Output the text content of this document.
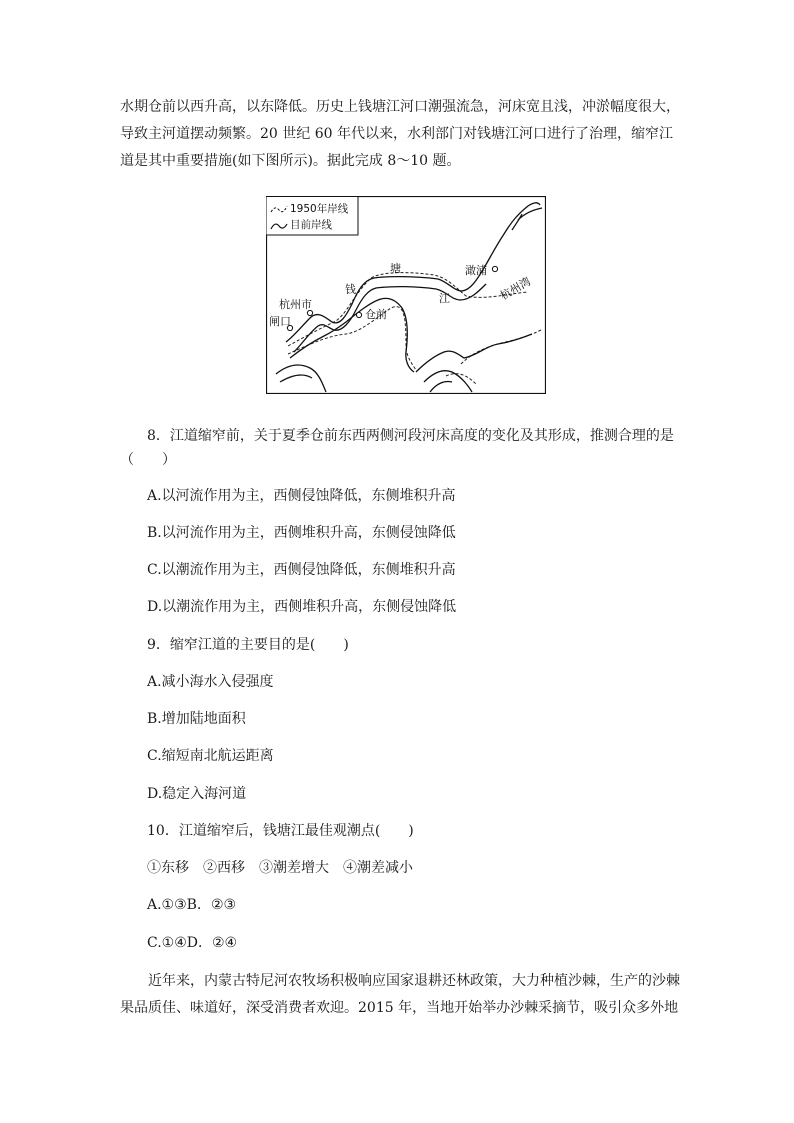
水期仓前以西升高，以东降低。历史上钱塘江河口潮强流急，河床宽且浅，冲淤幅度很大，导致主河道摆动频繁。20 世纪 60 年代以来，水利部门对钱塘江河口进行了治理，缩窄江道是其中重要措施(如下图所示)。据此完成 8～10 题。

1950年岸线
目前岸线
杭州市
闸口
钱
塘
江
仓前
澉浦
杭州湾

8．江道缩窄前，关于夏季仓前东西两侧河段河床高度的变化及其形成，推测合理的是

（　　）

A.以河流作用为主，西侧侵蚀降低，东侧堆积升高

B.以河流作用为主，西侧堆积升高，东侧侵蚀降低

C.以潮流作用为主，西侧侵蚀降低，东侧堆积升高

D.以潮流作用为主，西侧堆积升高，东侧侵蚀降低

9．缩窄江道的主要目的是(　　)

A.减小海水入侵强度

B.增加陆地面积

C.缩短南北航运距离

D.稳定入海河道

10．江道缩窄后，钱塘江最佳观潮点(　　)

①东移　②西移　③潮差增大　④潮差减小

A.①③B．②③

C.①④D．②④

近年来，内蒙古特尼河农牧场积极响应国家退耕还林政策，大力种植沙棘，生产的沙棘果品质佳、味道好，深受消费者欢迎。2015 年，当地开始举办沙棘采摘节，吸引众多外地
